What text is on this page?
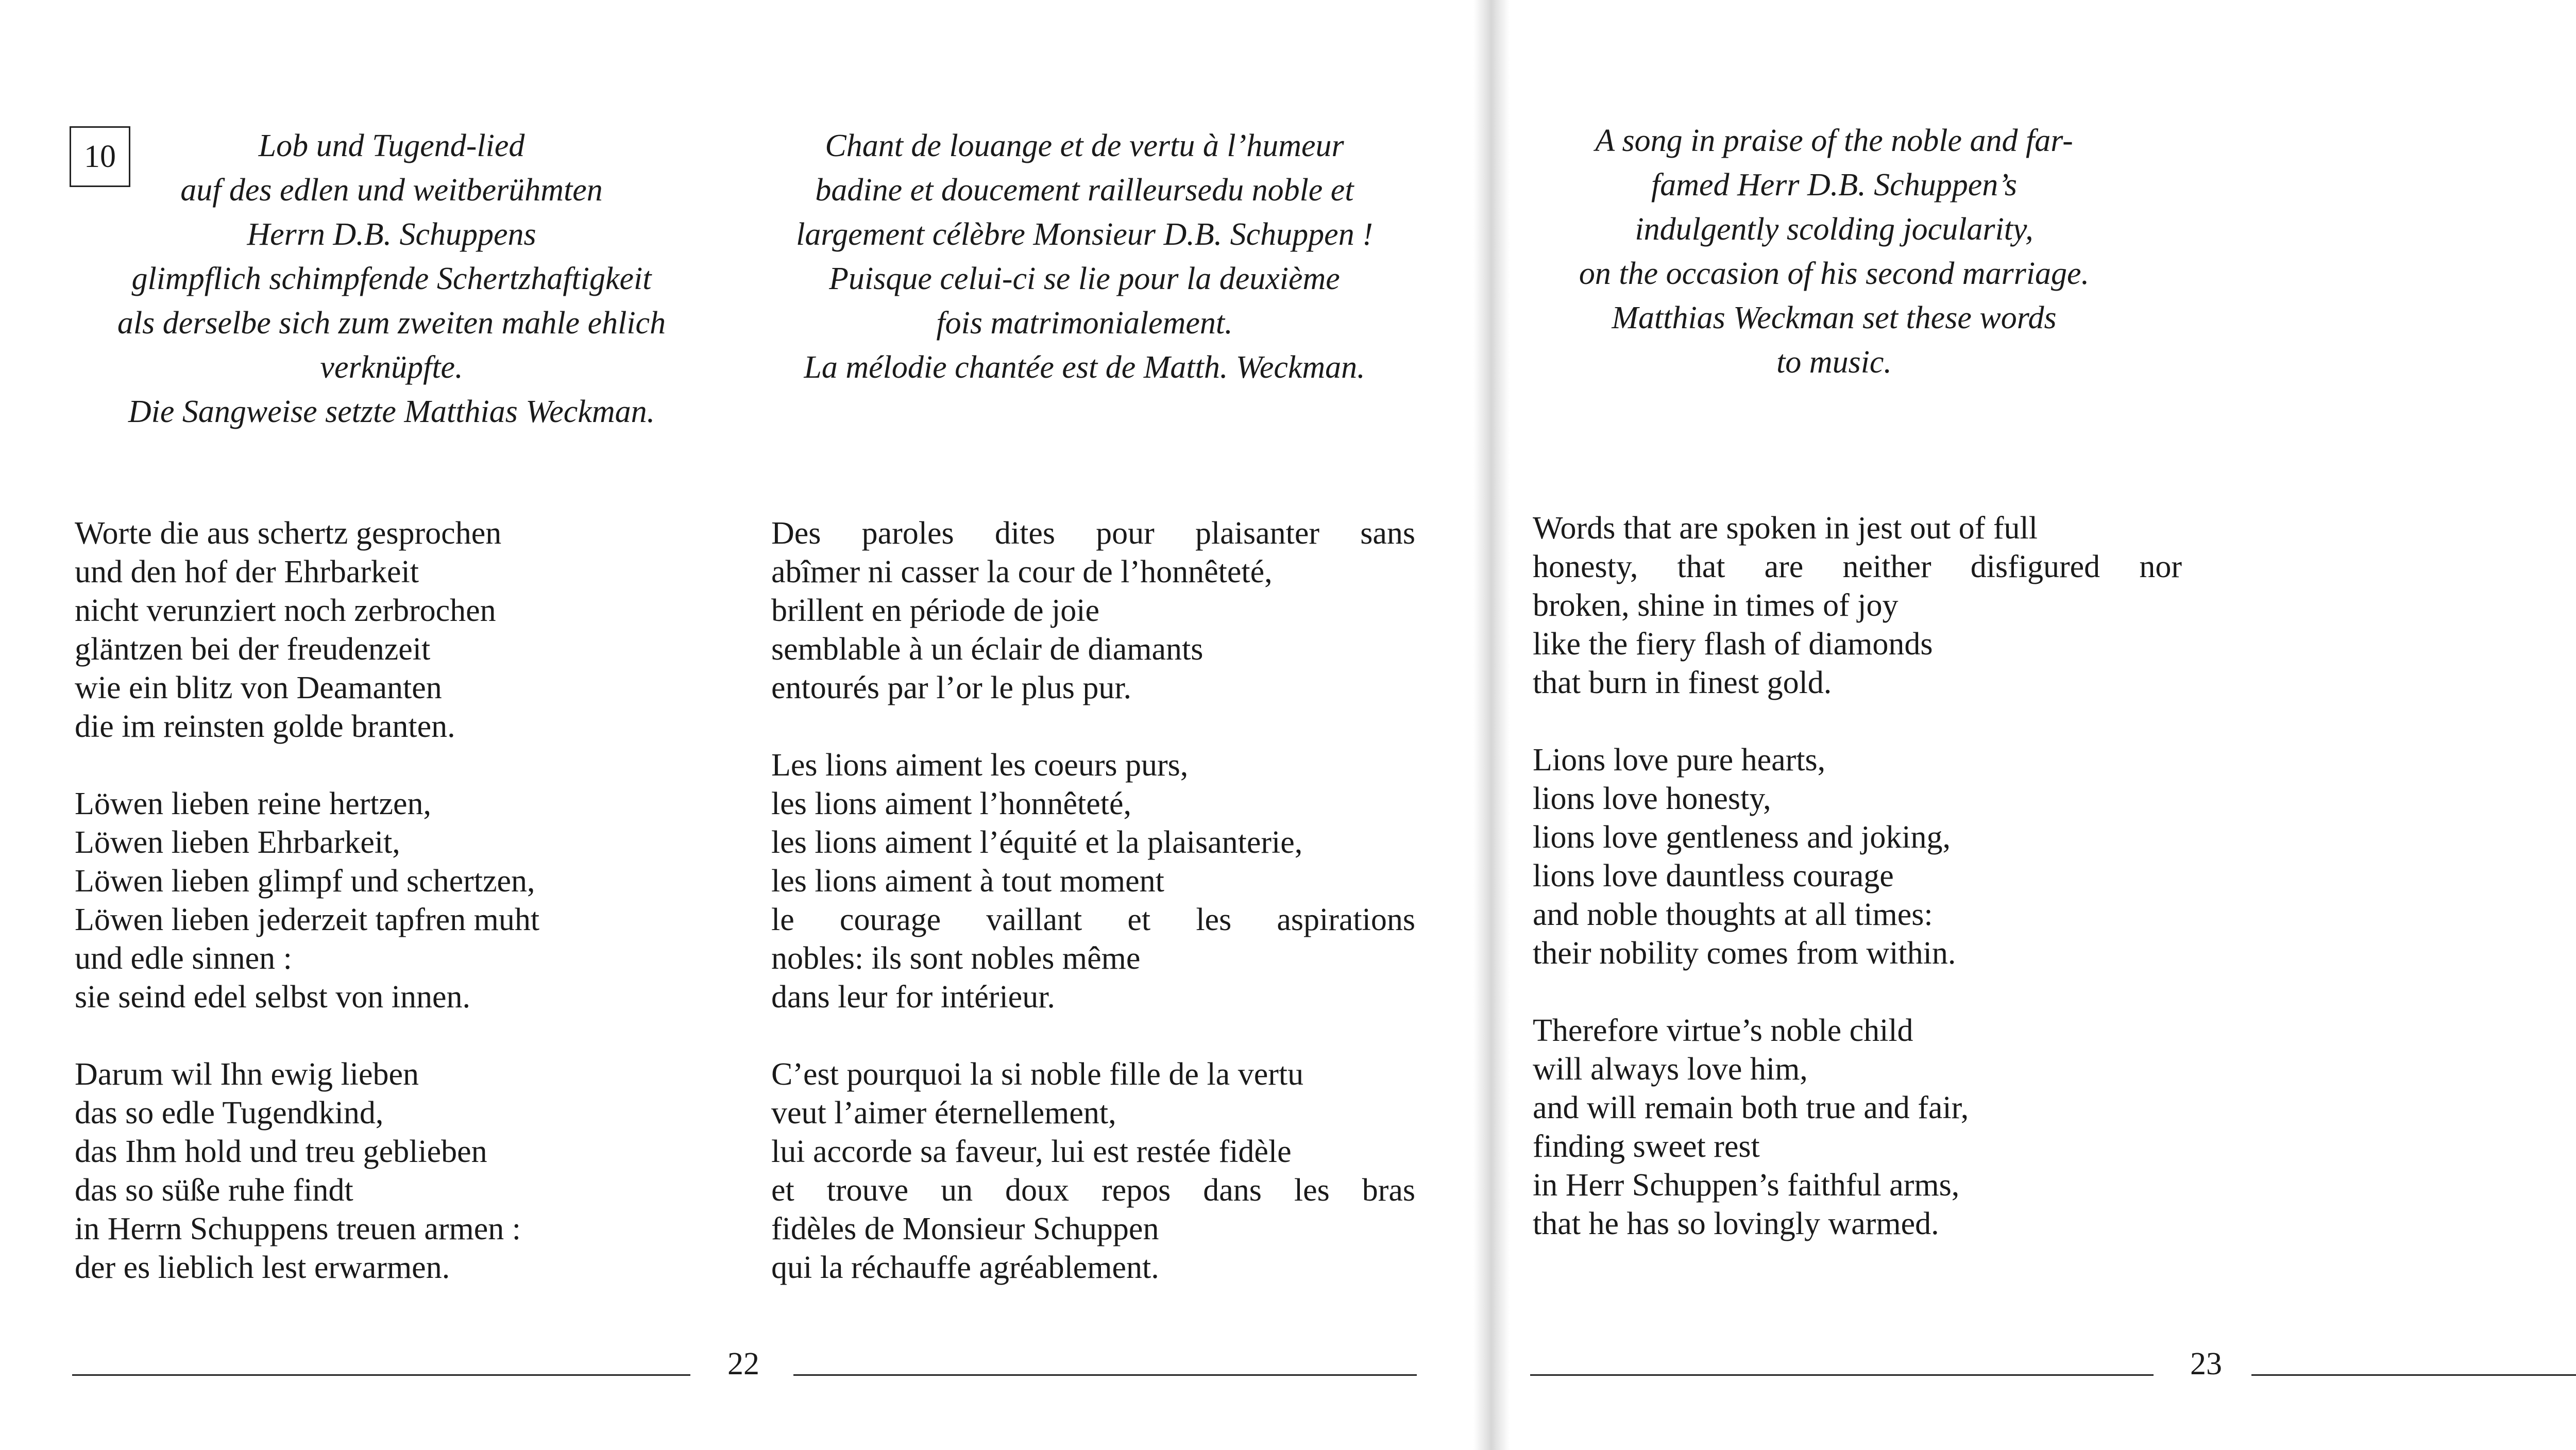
10	Lob und Tugend-lied
auf des edlen und weitberühmten
Herrn D.B. Schuppens
glimpflich schimpfende Schertzhaftigkeit
als derselbe sich zum zweiten mahle ehlich
verknüpfte.
Die Sangweise setzte Matthias Weckman.
Chant de louange et de vertu à l’humeur
badine et doucement railleursedu noble et
largement célèbre Monsieur D.B. Schuppen !
Puisque celui-ci se lie pour la deuxième
fois matrimonialement.
La mélodie chantée est de Matth. Weckman.
Worte die aus schertz gesprochen
und den hof der Ehrbarkeit
nicht verunziert noch zerbrochen
gläntzen bei der freudenzeit
wie ein blitz von Deamanten
die im reinsten golde branten.
Löwen lieben reine hertzen,
Löwen lieben Ehrbarkeit,
Löwen lieben glimpf und schertzen,
Löwen lieben jederzeit tapfren muht
und edle sinnen :
sie seind edel selbst von innen.
Darum wil Ihn ewig lieben
das so edle Tugendkind,
das Ihm hold und treu geblieben
das so süße ruhe findt
in Herrn Schuppens treuen armen :
der es lieblich lest erwarmen.
Des paroles dites pour plaisanter sans
abîmer ni casser la cour de l’honnêteté,
brillent en période de joie
semblable à un éclair de diamants
entourés par l’or le plus pur.
Les lions aiment les coeurs purs,
les lions aiment l’honnêteté,
les lions aiment l’équité et la plaisanterie,
les lions aiment à tout moment
le courage vaillant et les aspirations
nobles: ils sont nobles même
dans leur for intérieur.
C’est pourquoi la si noble fille de la vertu
veut l’aimer éternellement,
lui accorde sa faveur, lui est restée fidèle
et trouve un doux repos dans les bras
fidèles de Monsieur Schuppen
qui la réchauffe agréablement.
22
A song in praise of the noble and far-
famed Herr D.B. Schuppen’s
indulgently scolding jocularity,
on the occasion of his second marriage.
Matthias Weckman set these words
to music.
Words that are spoken in jest out of full
honesty, that are neither disfigured nor
broken, shine in times of joy
like the fiery flash of diamonds
that burn in finest gold.
Lions love pure hearts,
lions love honesty,
lions love gentleness and joking,
lions love dauntless courage
and noble thoughts at all times:
their nobility comes from within.
Therefore virtue’s noble child
will always love him,
and will remain both true and fair,
finding sweet rest
in Herr Schuppen’s faithful arms,
that he has so lovingly warmed.
23
